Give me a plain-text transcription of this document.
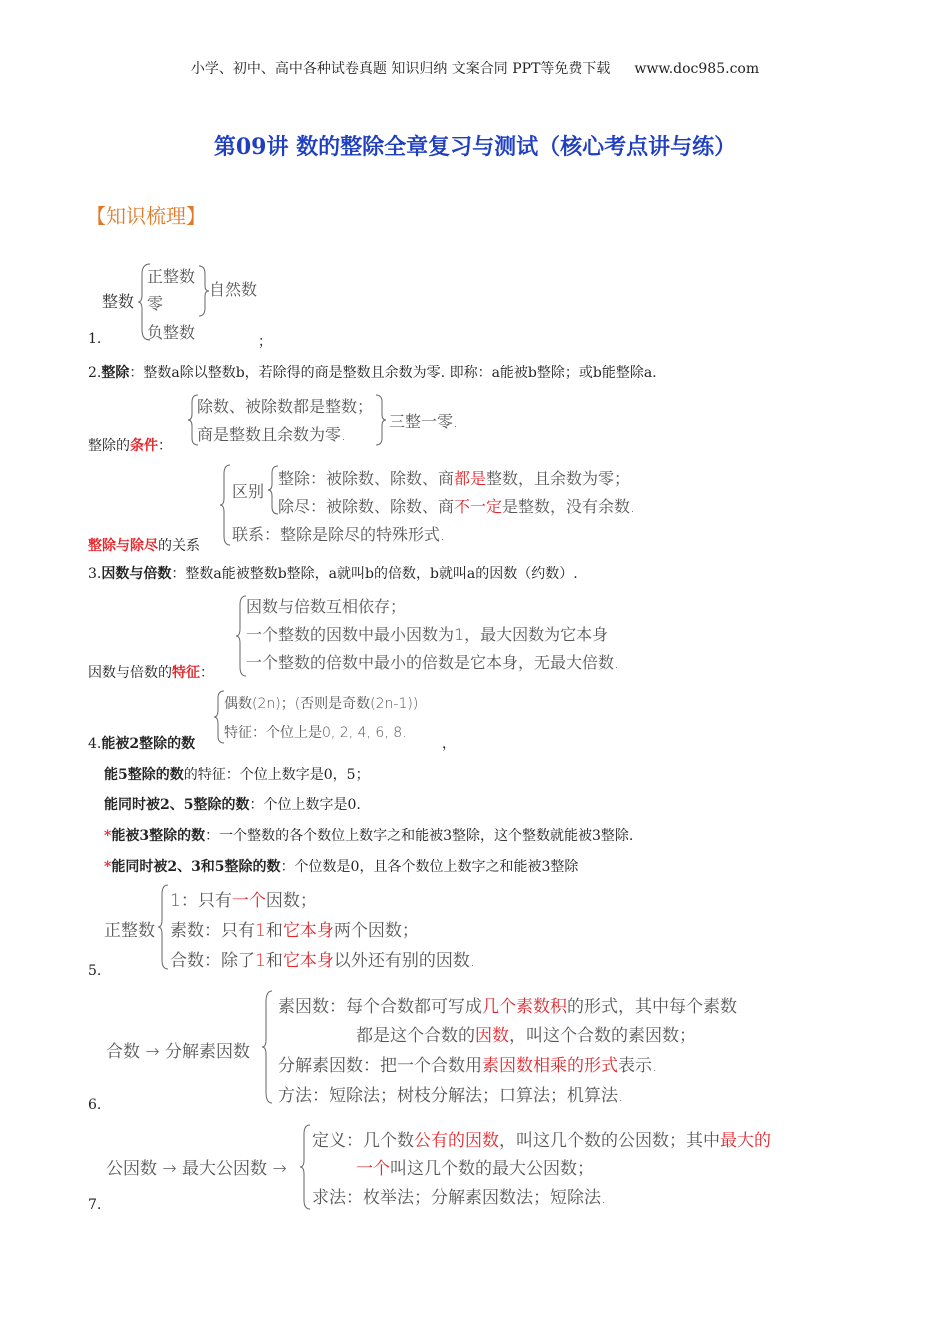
小学、初中、高中各种试卷真题 知识归纳 文案合同 PPT等免费下载 www.doc985.com
第09讲 数的整除全章复习与测试（核心考点讲与练）
【知识梳理】
整数
正整数
零
负整数
自然数
1.	；
2.整除：整数a除以整数b，若除得的商是整数且余数为零. 即称：a能被b整除；或b能整除a.
整除的条件：
除数、被除数都是整数；
商是整数且余数为零.
三整一零.
整除与除尽的关系
区别
整除：被除数、除数、商都是整数，且余数为零；
除尽：被除数、除数、商不一定是整数，没有余数.
联系：整除是除尽的特殊形式.
3.因数与倍数：整数a能被整数b整除，a就叫b的倍数，b就叫a的因数（约数）.
因数与倍数的特征：
因数与倍数互相依存；
一个整数的因数中最小因数为1，最大因数为它本身
一个整数的倍数中最小的倍数是它本身，无最大倍数.
4.能被2整除的数
偶数(2n)；(否则是奇数(2n-1))
特征：个位上是0, 2, 4, 6, 8.
，
能5整除的数的特征：个位上数字是0，5；
能同时被2、5整除的数：个位上数字是0.
*能被3整除的数：一个整数的各个数位上数字之和能被3整除，这个整数就能被3整除.
*能同时被2、3和5整除的数：个位数是0，且各个数位上数字之和能被3整除
正整数
1：只有一个因数；
素数：只有1和它本身两个因数；
合数：除了1和它本身以外还有别的因数.
5.
合数 → 分解素因数
素因数：每个合数都可写成几个素数积的形式，其中每个素数
都是这个合数的因数，叫这个合数的素因数；
分解素因数：把一个合数用素因数相乘的形式表示.
方法：短除法；树枝分解法；口算法；机算法.
6.
公因数 → 最大公因数 →
定义：几个数公有的因数，叫这几个数的公因数；其中最大的
一个叫这几个数的最大公因数；
求法：枚举法；分解素因数法；短除法.
7.
